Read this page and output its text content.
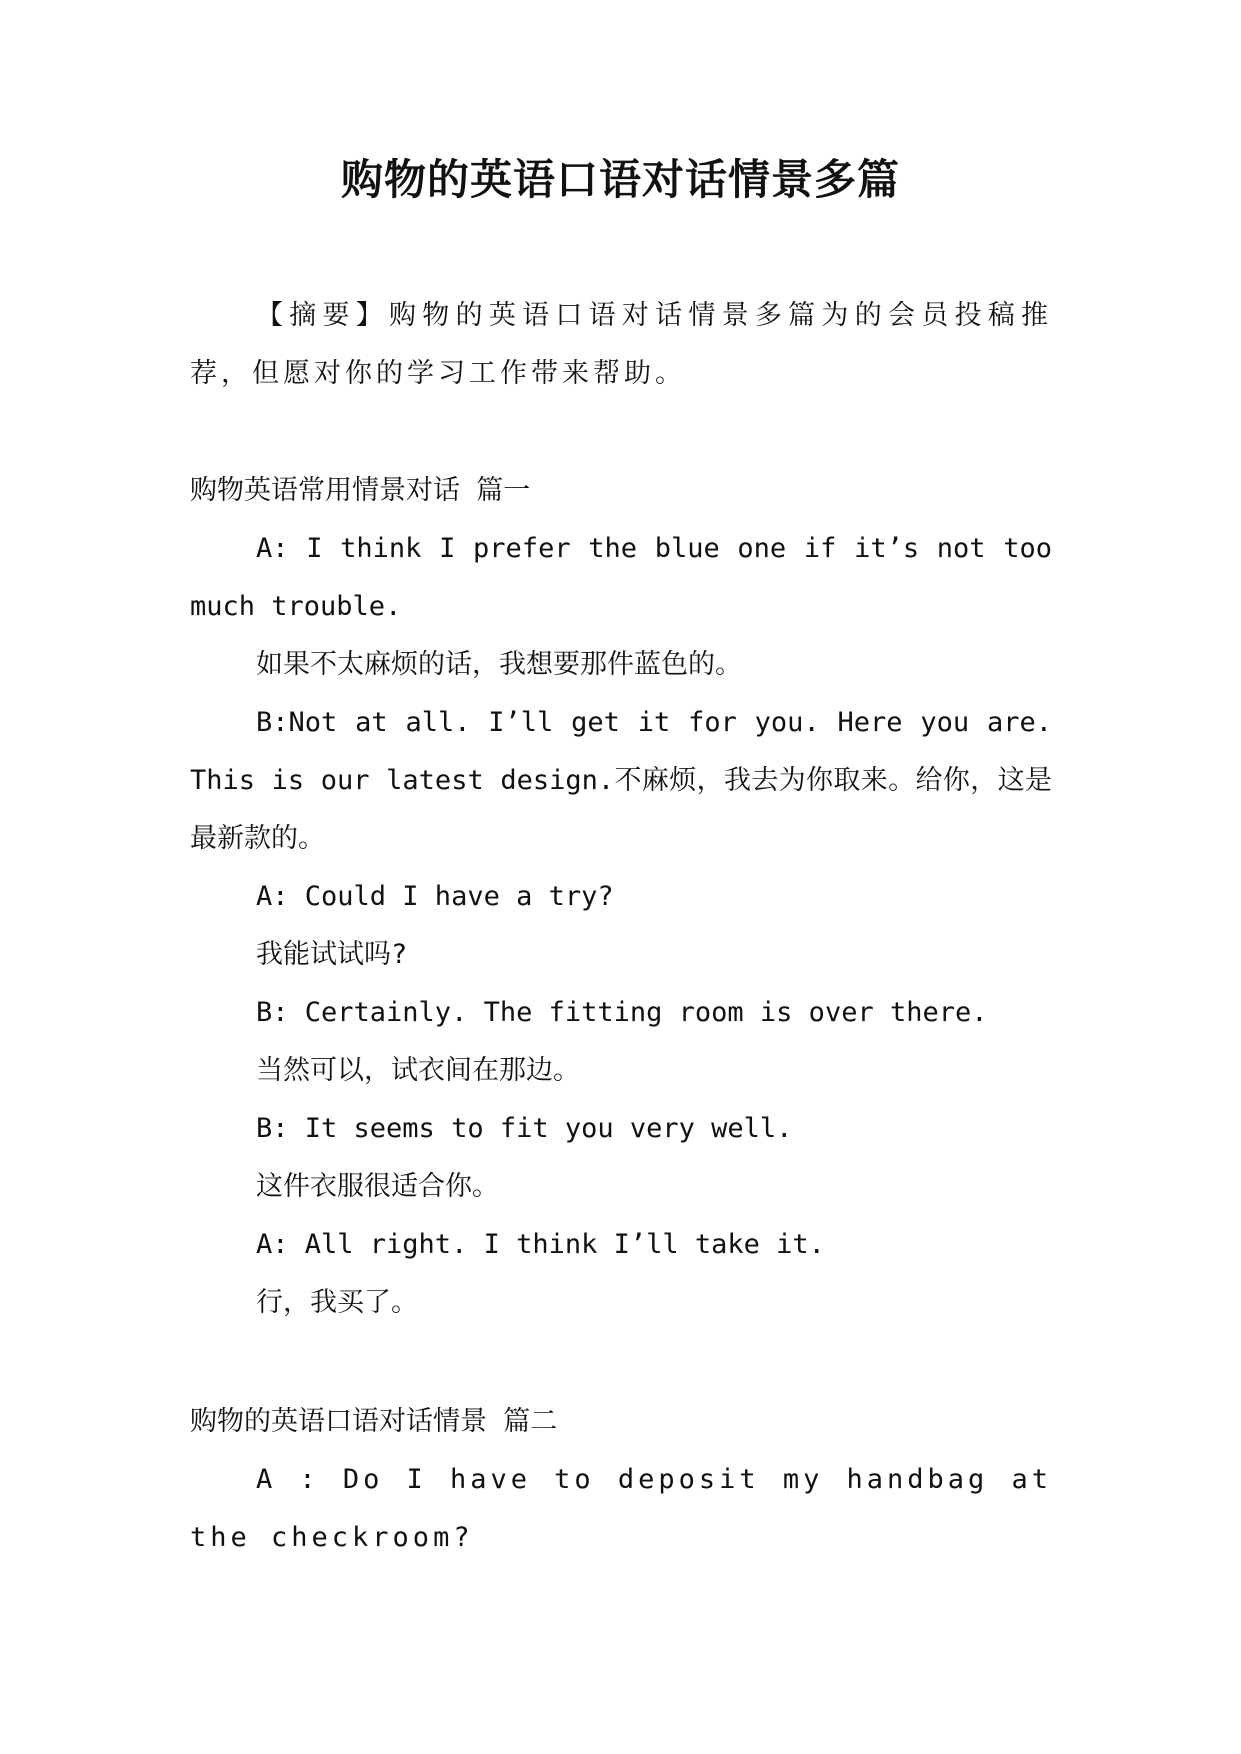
购物的英语口语对话情景多篇

【摘要】购物的英语口语对话情景多篇为的会员投稿推荐，但愿对你的学习工作带来帮助。

购物英语常用情景对话 篇一

A: I think I prefer the blue one if it’s not too much trouble.

如果不太麻烦的话，我想要那件蓝色的。

B:Not at all. I’ll get it for you. Here you are. This is our latest design.不麻烦，我去为你取来。给你，这是最新款的。

A: Could I have a try?

我能试试吗?

B: Certainly. The fitting room is over there.

当然可以，试衣间在那边。

B: It seems to fit you very well.

这件衣服很适合你。

A: All right. I think I’ll take it.

行，我买了。

购物的英语口语对话情景 篇二

A : Do I have to deposit my handbag at the checkroom?
